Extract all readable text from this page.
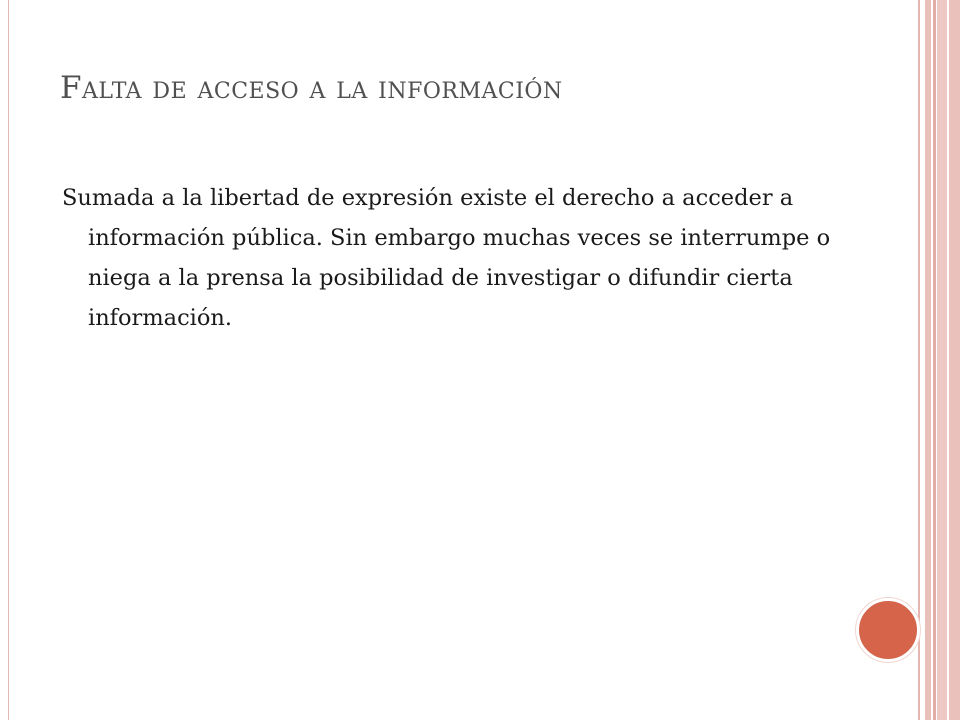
Falta de acceso a la información

Sumada a la libertad de expresión existe el derecho a acceder a información pública. Sin embargo muchas veces se interrumpe o niega a la prensa la posibilidad de investigar o difundir cierta información.
